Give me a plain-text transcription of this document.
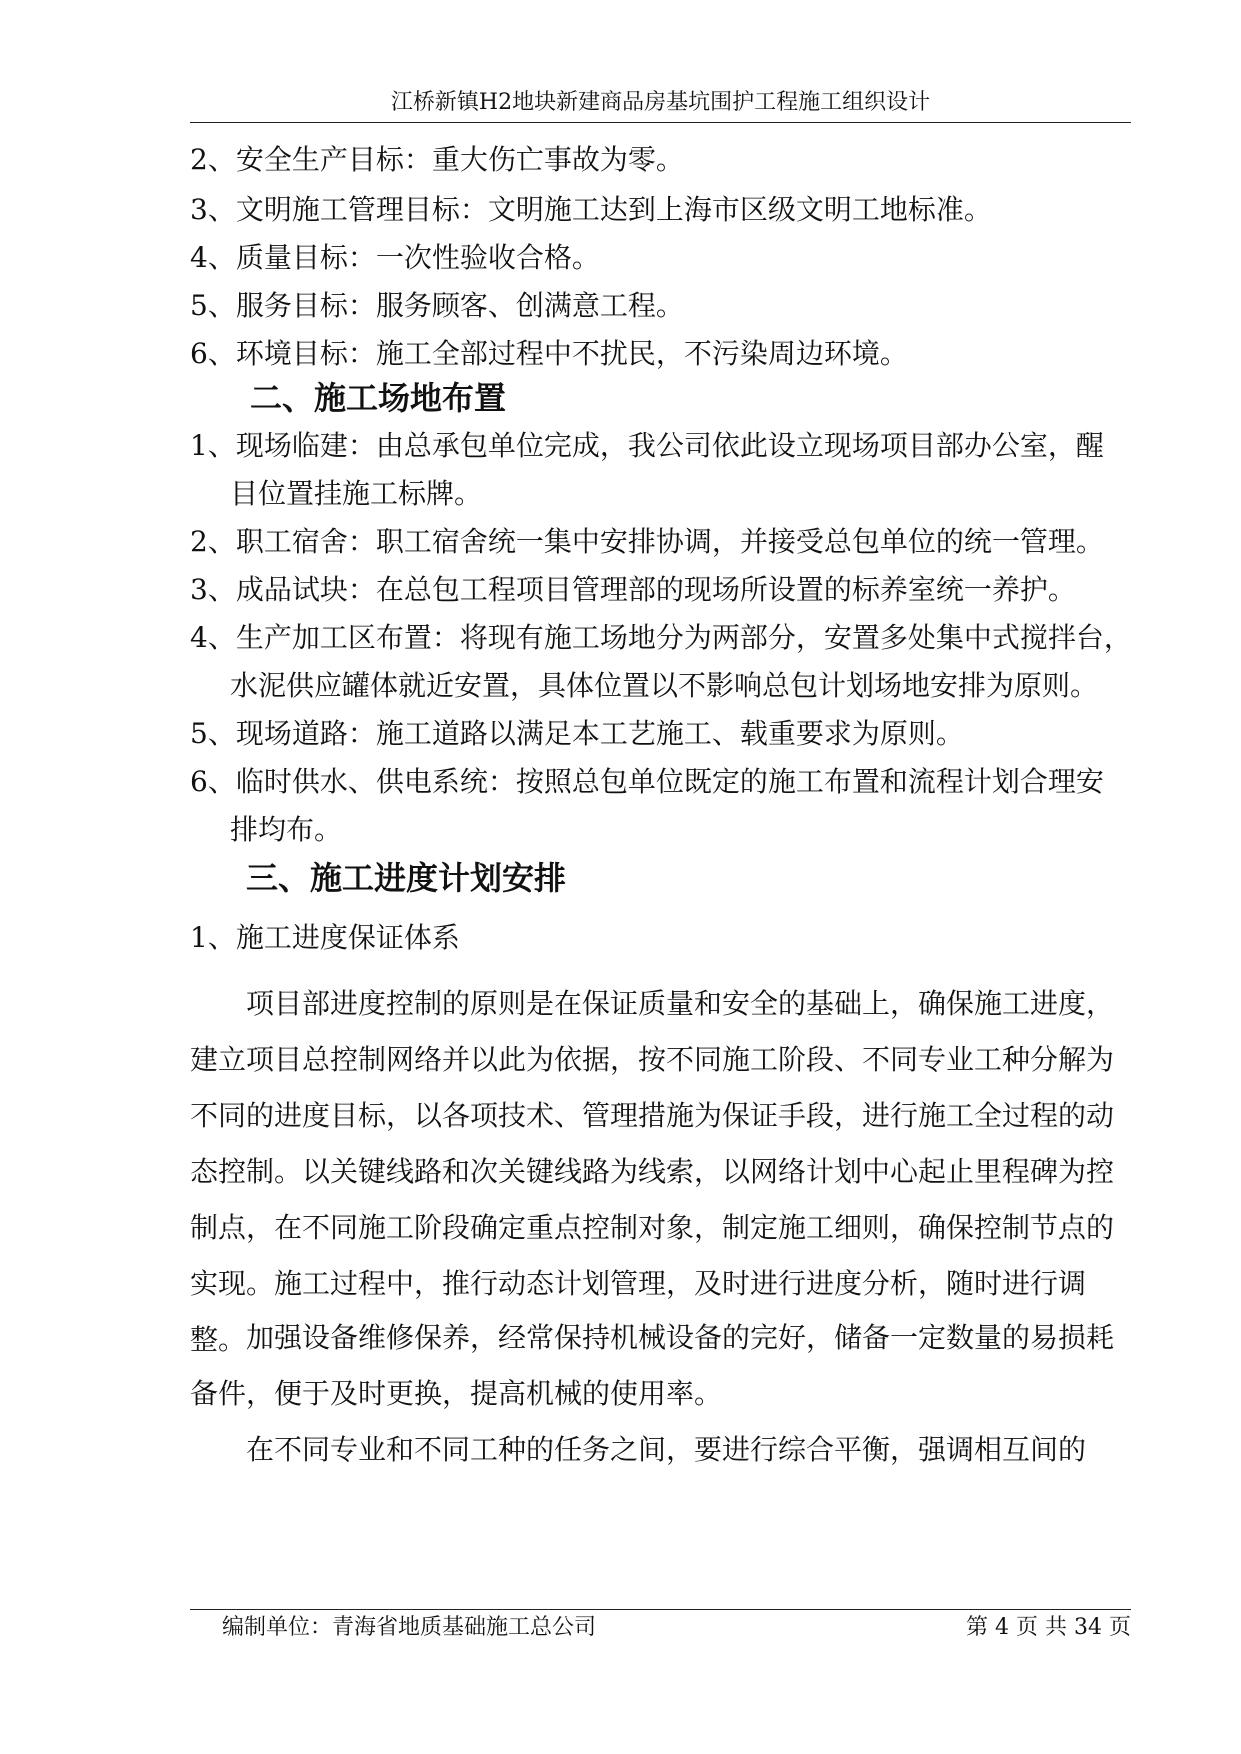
江桥新镇H2地块新建商品房基坑围护工程施工组织设计
2、安全生产目标：重大伤亡事故为零。
3、文明施工管理目标：文明施工达到上海市区级文明工地标准。
4、质量目标：一次性验收合格。
5、服务目标：服务顾客、创满意工程。
6、环境目标：施工全部过程中不扰民，不污染周边环境。
二、施工场地布置
1、现场临建：由总承包单位完成，我公司依此设立现场项目部办公室，醒
目位置挂施工标牌。
2、职工宿舍：职工宿舍统一集中安排协调，并接受总包单位的统一管理。
3、成品试块：在总包工程项目管理部的现场所设置的标养室统一养护。
4、生产加工区布置：将现有施工场地分为两部分，安置多处集中式搅拌台，
水泥供应罐体就近安置，具体位置以不影响总包计划场地安排为原则。
5、现场道路：施工道路以满足本工艺施工、载重要求为原则。
6、临时供水、供电系统：按照总包单位既定的施工布置和流程计划合理安
排均布。
三、施工进度计划安排
1、施工进度保证体系

项目部进度控制的原则是在保证质量和安全的基础上，确保施工进度，建立项目总控制网络并以此为依据，按不同施工阶段、不同专业工种分解为不同的进度目标，以各项技术、管理措施为保证手段，进行施工全过程的动态控制。以关键线路和次关键线路为线索，以网络计划中心起止里程碑为控制点，在不同施工阶段确定重点控制对象，制定施工细则，确保控制节点的实现。施工过程中，推行动态计划管理，及时进行进度分析，随时进行调整。 加强设备维修保养，经常保持机械设备的完好，储备一定数量的易损耗备件，便于及时更换，提高机械的使用率。

在不同专业和不同工种的任务之间，要进行综合平衡，强调相互间的

编制单位：青海省地质基础施工总公司	第 4 页 共 34 页
